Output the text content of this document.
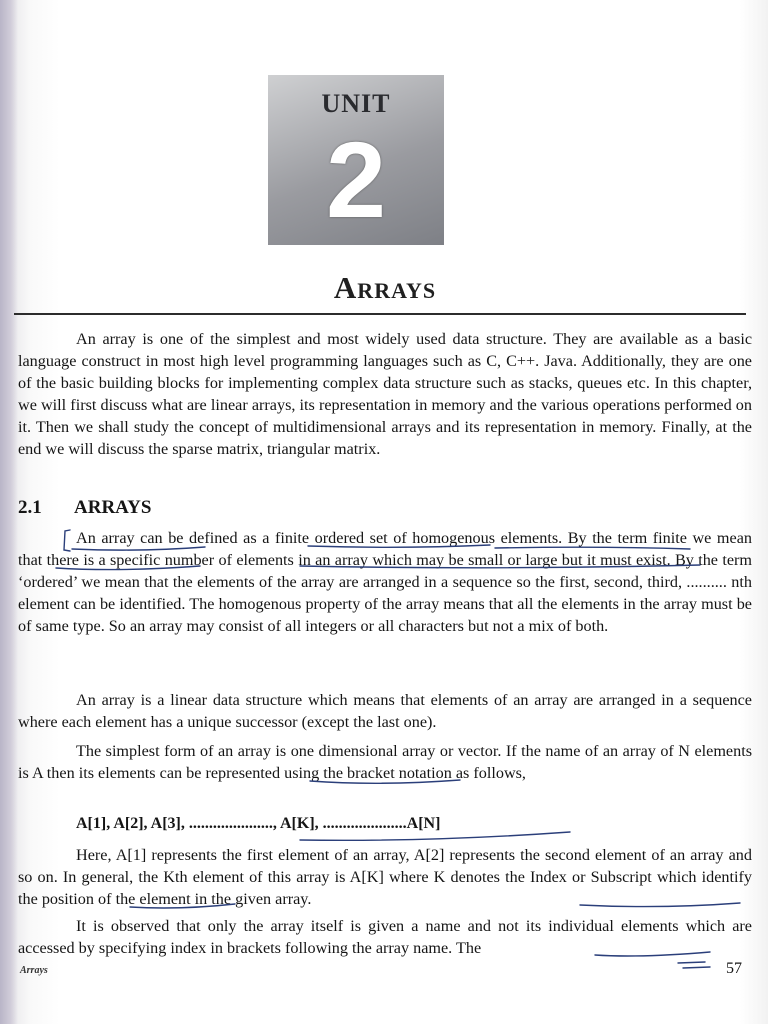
UNIT
2
Arrays

An array is one of the simplest and most widely used data structure. They are available as a basic language construct in most high level programming languages such as C, C++. Java. Additionally, they are one of the basic building blocks for implementing complex data structure such as stacks, queues etc. In this chapter, we will first discuss what are linear arrays, its representation in memory and the various operations performed on it. Then we shall study the concept of multidimensional arrays and its representation in memory. Finally, at the end we will discuss the sparse matrix, triangular matrix.

2.1 ARRAYS

An array can be defined as a finite ordered set of homogenous elements. By the term finite we mean that there is a specific number of elements in an array which may be small or large but it must exist. By the term ‘ordered’ we mean that the elements of the array are arranged in a sequence so the first, second, third, .......... nth element can be identified. The homogenous property of the array means that all the elements in the array must be of same type. So an array may consist of all integers or all characters but not a mix of both.

An array is a linear data structure which means that elements of an array are arranged in a sequence where each element has a unique successor (except the last one).

The simplest form of an array is one dimensional array or vector. If the name of an array of N elements is A then its elements can be represented using the bracket notation as follows,

A[1], A[2], A[3], ....................., A[K], .....................A[N]

Here, A[1] represents the first element of an array, A[2] represents the second element of an array and so on. In general, the Kth element of this array is A[K] where K denotes the Index or Subscript which identify the position of the element in the given array.

It is observed that only the array itself is given a name and not its individual elements which are accessed by specifying index in brackets following the array name. The

Arrays	57
